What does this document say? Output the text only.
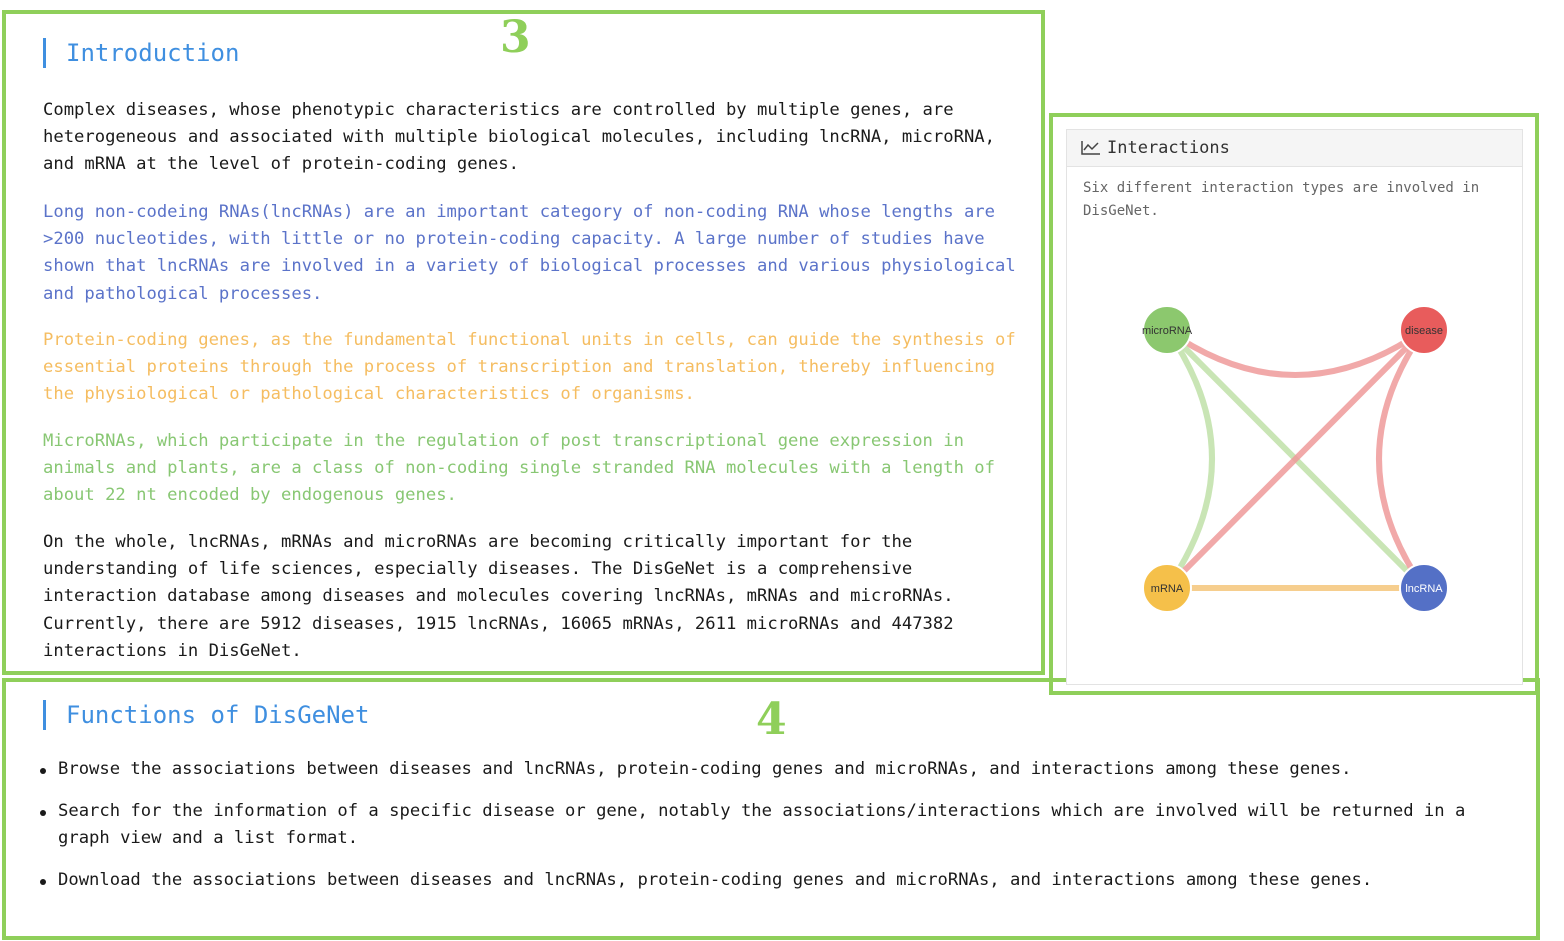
3
4
Introduction

Complex diseases, whose phenotypic characteristics are controlled by multiple genes, are heterogeneous and associated with multiple biological molecules, including lncRNA, microRNA, and mRNA at the level of protein-coding genes.

Long non-codeing RNAs(lncRNAs) are an important category of non-coding RNA whose lengths are >200 nucleotides, with little or no protein-coding capacity. A large number of studies have shown that lncRNAs are involved in a variety of biological processes and various physiological and pathological processes.

Protein-coding genes, as the fundamental functional units in cells, can guide the synthesis of essential proteins through the process of transcription and translation, thereby influencing the physiological or pathological characteristics of organisms.

MicroRNAs, which participate in the regulation of post transcriptional gene expression in animals and plants, are a class of non-coding single stranded RNA molecules with a length of about 22 nt encoded by endogenous genes.

On the whole, lncRNAs, mRNAs and microRNAs are becoming critically important for the understanding of life sciences, especially diseases. The DisGeNet is a comprehensive interaction database among diseases and molecules covering lncRNAs, mRNAs and microRNAs. Currently, there are 5912 diseases, 1915 lncRNAs, 16065 mRNAs, 2611 microRNAs and 447382 interactions in DisGeNet.

Functions of DisGeNet
Browse the associations between diseases and lncRNAs, protein-coding genes and microRNAs, and interactions among these genes.
Search for the information of a specific disease or gene, notably the associations/interactions which are involved will be returned in a graph view and a list format.
Download the associations between diseases and lncRNAs, protein-coding genes and microRNAs, and interactions among these genes.
Interactions

Six different interaction types are involved in DisGeNet.

microRNA	disease
mRNA	lncRNA
